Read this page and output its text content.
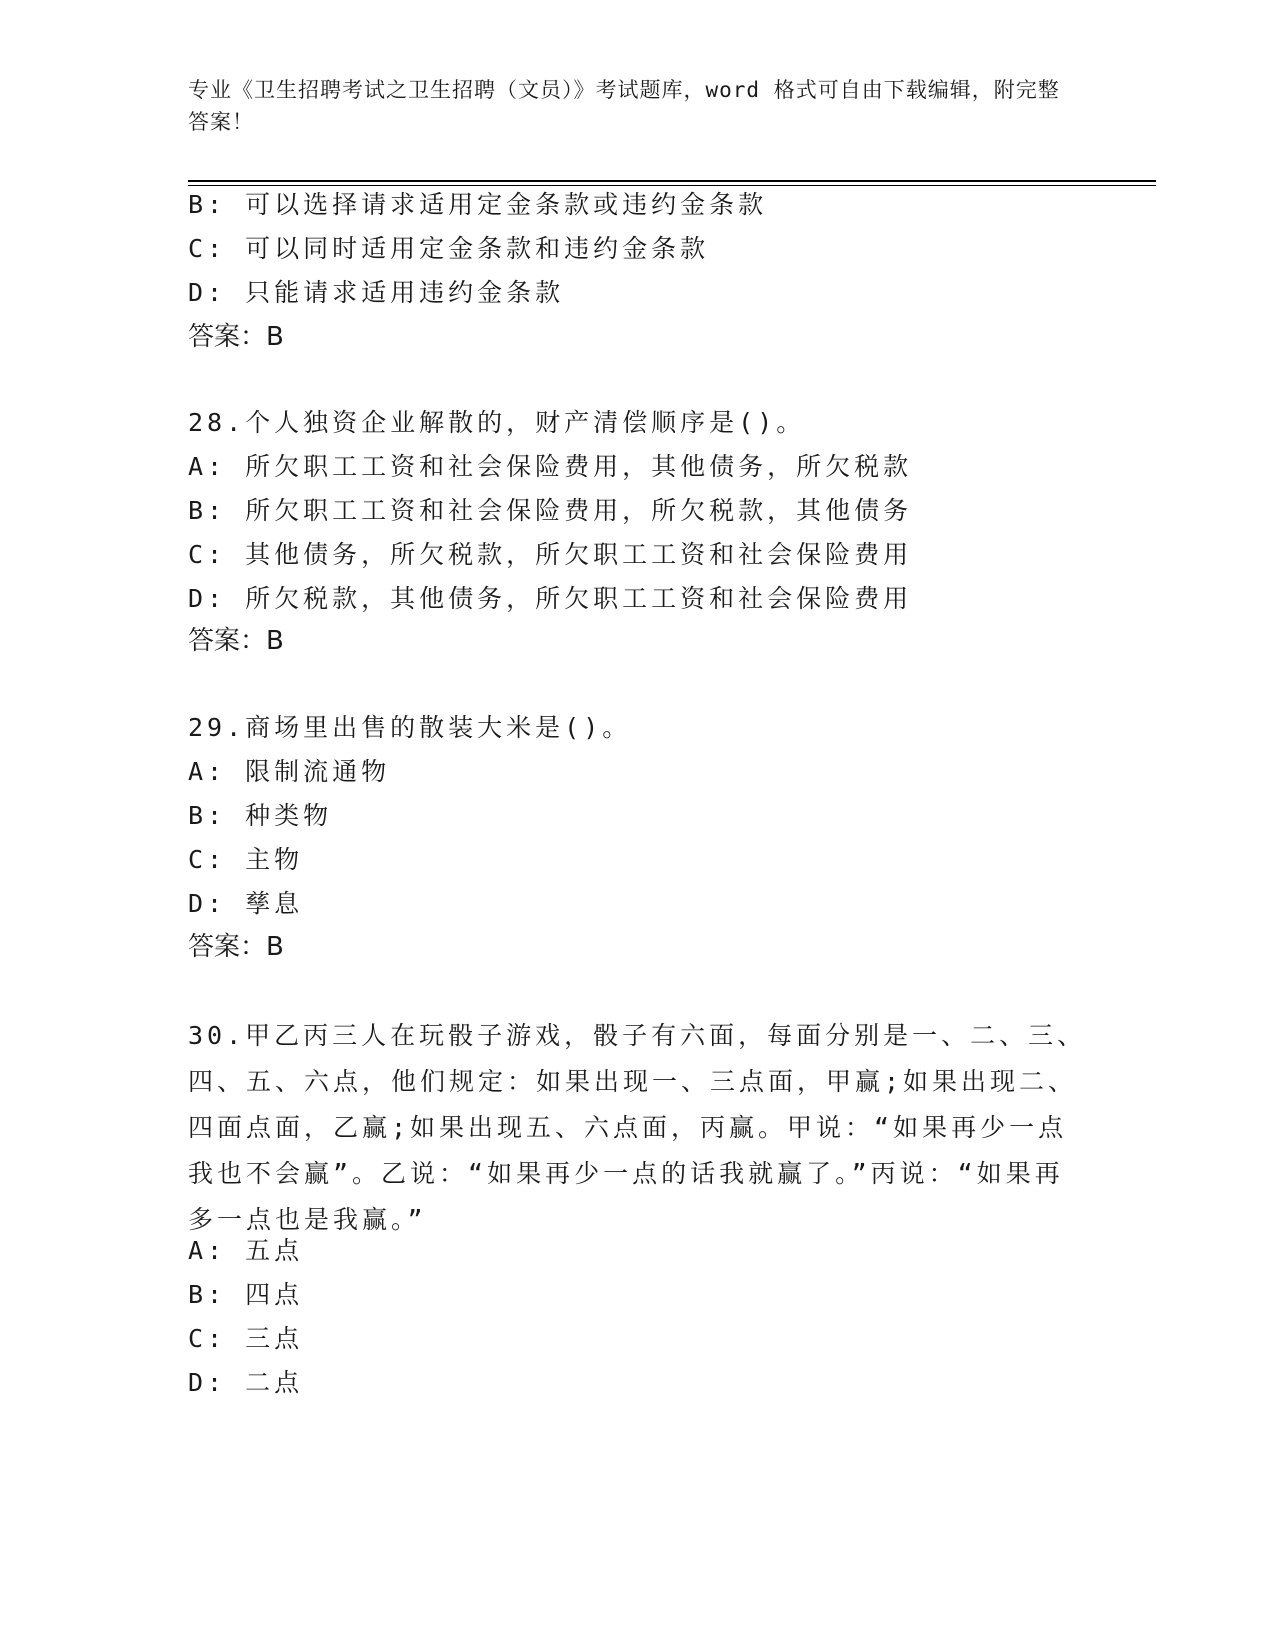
专业《卫生招聘考试之卫生招聘（文员）》考试题库，word 格式可自由下载编辑，附完整答案！
B: 可以选择请求适用定金条款或违约金条款
C: 可以同时适用定金条款和违约金条款
D: 只能请求适用违约金条款
答案：B
28.个人独资企业解散的，财产清偿顺序是()。
A: 所欠职工工资和社会保险费用，其他债务，所欠税款
B: 所欠职工工资和社会保险费用，所欠税款，其他债务
C: 其他债务，所欠税款，所欠职工工资和社会保险费用
D: 所欠税款，其他债务，所欠职工工资和社会保险费用
答案：B
29.商场里出售的散装大米是()。
A: 限制流通物
B: 种类物
C: 主物
D: 孳息
答案：B
30.甲乙丙三人在玩骰子游戏，骰子有六面，每面分别是一、二、三、四、五、六点，他们规定：如果出现一、三点面，甲赢;如果出现二、四面点面，乙赢;如果出现五、六点面，丙赢。甲说：“如果再少一点我也不会赢”。乙说：“如果再少一点的话我就赢了。”丙说：“如果再多一点也是我赢。”
A: 五点
B: 四点
C: 三点
D: 二点
